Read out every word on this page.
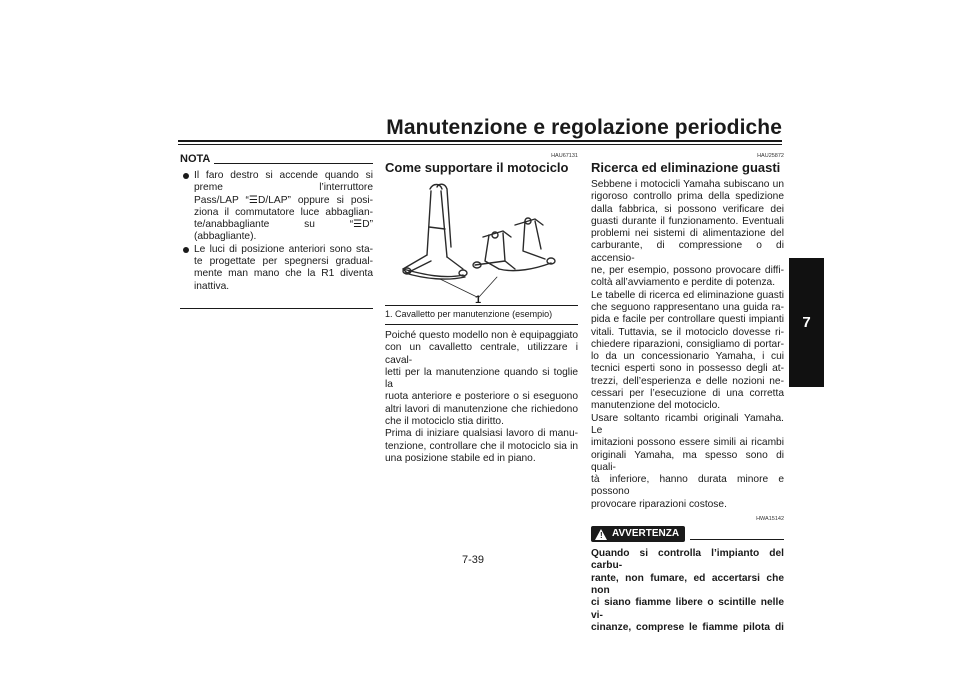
Manutenzione e regolazione periodiche
7
NOTA

Il faro destro si accende quando si

preme l’interruttore

Pass/LAP “☰D/LAP” oppure si posi-

ziona il commutatore luce abbaglian-

te/anabbagliante su “☰D”

(abbagliante).

Le luci di posizione anteriori sono sta-

te progettate per spegnersi gradual-

mente man mano che la R1 diventa

inattiva.

HAU67131
Come supportare il motociclo
1
1. Cavalletto per manutenzione (esempio)

Poiché questo modello non è equipaggiato

con un cavalletto centrale, utilizzare i caval-

letti per la manutenzione quando si toglie la

ruota anteriore e posteriore o si eseguono

altri lavori di manutenzione che richiedono

che il motociclo stia diritto.

Prima di iniziare qualsiasi lavoro di manu-

tenzione, controllare che il motociclo sia in

una posizione stabile ed in piano.

HAU25872
Ricerca ed eliminazione guasti

Sebbene i motocicli Yamaha subiscano un

rigoroso controllo prima della spedizione

dalla fabbrica, si possono verificare dei

guasti durante il funzionamento. Eventuali

problemi nei sistemi di alimentazione del

carburante, di compressione o di accensio-

ne, per esempio, possono provocare diffi-

coltà all’avviamento e perdite di potenza.

Le tabelle di ricerca ed eliminazione guasti

che seguono rappresentano una guida ra-

pida e facile per controllare questi impianti

vitali. Tuttavia, se il motociclo dovesse ri-

chiedere riparazioni, consigliamo di portar-

lo da un concessionario Yamaha, i cui

tecnici esperti sono in possesso degli at-

trezzi, dell’esperienza e delle nozioni ne-

cessari per l’esecuzione di una corretta

manutenzione del motociclo.

Usare soltanto ricambi originali Yamaha. Le

imitazioni possono essere simili ai ricambi

originali Yamaha, ma spesso sono di quali-

tà inferiore, hanno durata minore e possono

provocare riparazioni costose.

HWA15142
! AVVERTENZA

Quando si controlla l’impianto del carbu-

rante, non fumare, ed accertarsi che non

ci siano fiamme libere o scintille nelle vi-

cinanze, comprese le fiamme pilota di

7-39
